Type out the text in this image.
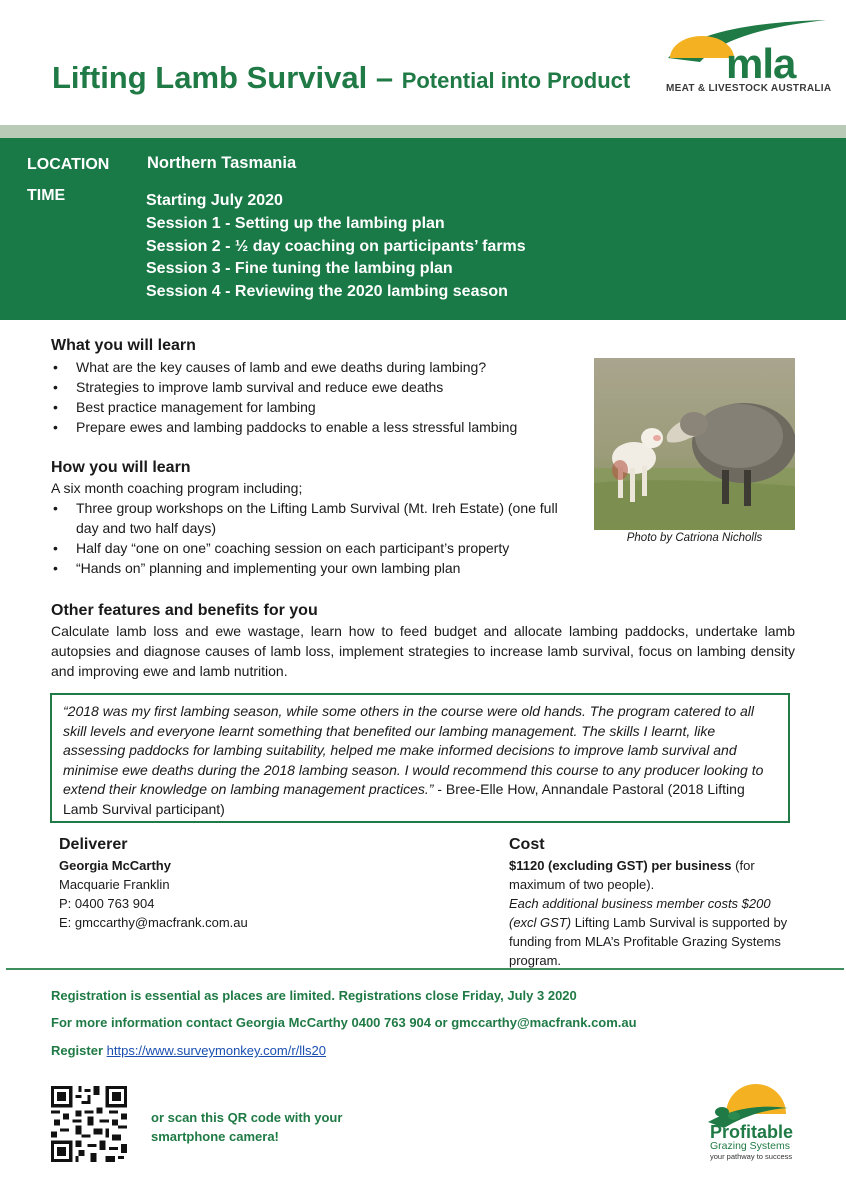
Lifting Lamb Survival – Potential into Product mla
MEAT & LIVESTOCK AUSTRALIA
LOCATION Northern Tasmania
TIME	Starting July 2020
Session 1 - Setting up the lambing plan
Session 2 - ½ day coaching on participants’ farms
Session 3 - Fine tuning the lambing plan
Session 4 - Reviewing the 2020 lambing season
What you will learn
• What are the key causes of lamb and ewe deaths during lambing?
• Strategies to improve lamb survival and reduce ewe deaths
• Best practice management for lambing
• Prepare ewes and lambing paddocks to enable a less stressful lambing
How you will learn
A six month coaching program including;
• Three group workshops on the Lifting Lamb Survival (Mt. Ireh Estate) (one full day and two half days)
• Half day “one on one” coaching session on each participant’s property
• “Hands on” planning and implementing your own lambing plan
Photo by Catriona Nicholls
Other features and benefits for you
Calculate lamb loss and ewe wastage, learn how to feed budget and allocate lambing paddocks, undertake lamb autopsies and diagnose causes of lamb loss, implement strategies to increase lamb survival, focus on lambing density and improving ewe and lamb nutrition.
“2018 was my first lambing season, while some others in the course were old hands. The program catered to all skill levels and everyone learnt something that benefited our lambing management. The skills I learnt, like assessing paddocks for lambing suitability, helped me make informed decisions to improve lamb survival and minimise ewe deaths during the 2018 lambing season. I would recommend this course to any producer looking to extend their knowledge on lambing management practices.” - Bree-Elle How, Annandale Pastoral (2018 Lifting Lamb Survival participant)
Deliverer
Georgia McCarthy
Macquarie Franklin
P: 0400 763 904
E: gmccarthy@macfrank.com.au
Cost
$1120 (excluding GST) per business (for maximum of two people).
Each additional business member costs $200 (excl GST) Lifting Lamb Survival is supported by funding from MLA’s Profitable Grazing Systems program.
Registration is essential as places are limited. Registrations close Friday, July 3 2020
For more information contact Georgia McCarthy 0400 763 904 or gmccarthy@macfrank.com.au
Register https://www.surveymonkey.com/r/lls20
or scan this QR code with your smartphone camera!	Profitable
Grazing Systems
your pathway to success
